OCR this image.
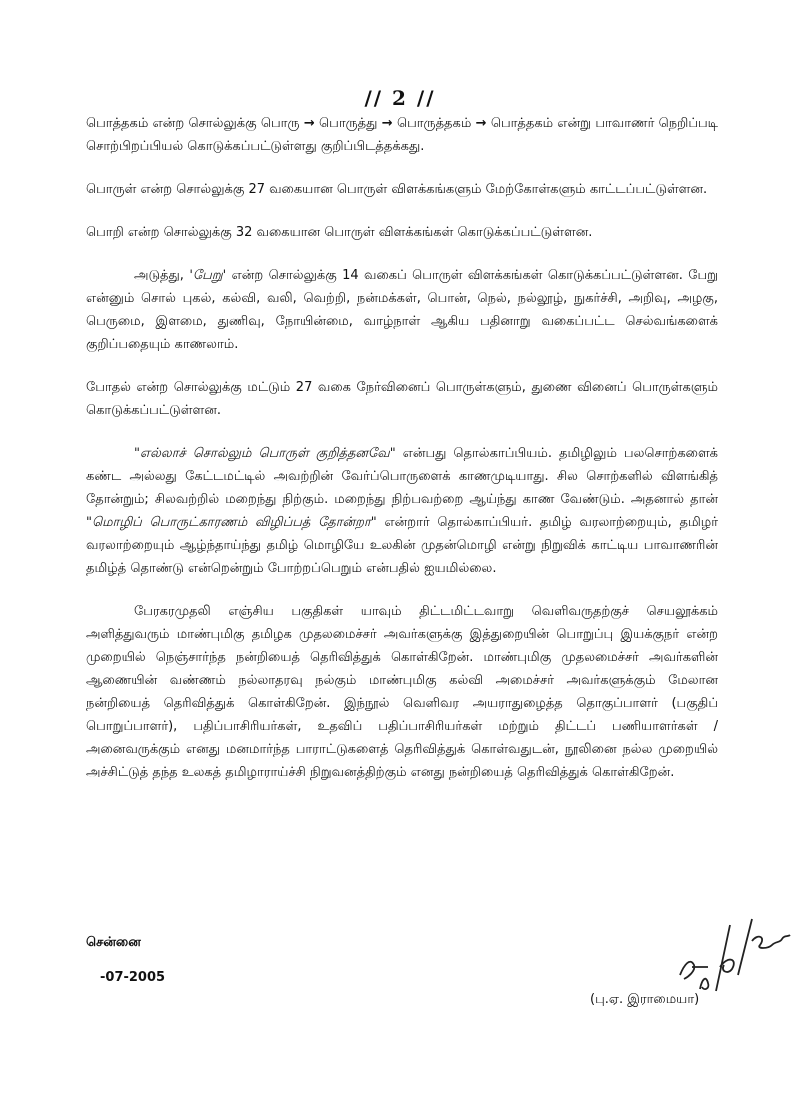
// 2 //

பொத்தகம் என்ற சொல்லுக்கு பொரு → பொருத்து → பொருத்தகம் → பொத்தகம் என்று பாவாணர் நெறிப்படி சொற்பிறப்பியல் கொடுக்கப்பட்டுள்ளது குறிப்பிடத்தக்கது.

பொருள் என்ற சொல்லுக்கு 27 வகையான பொருள் விளக்கங்களும் மேற்கோள்களும் காட்டப்பட்டுள்ளன.

பொறி என்ற சொல்லுக்கு 32 வகையான பொருள் விளக்கங்கள் கொடுக்கப்பட்டுள்ளன.

அடுத்து, 'பேறு' என்ற சொல்லுக்கு 14 வகைப் பொருள் விளக்கங்கள் கொடுக்கப்பட்டுள்ளன. பேறு என்னும் சொல் புகல், கல்வி, வலி, வெற்றி, நன்மக்கள், பொன், நெல், நல்லூழ், நுகர்ச்சி, அறிவு, அழகு, பெருமை, இளமை, துணிவு, நோயின்மை, வாழ்நாள் ஆகிய பதினாறு வகைப்பட்ட செல்வங்களைக் குறிப்பதையும் காணலாம்.

போதல் என்ற சொல்லுக்கு மட்டும் 27 வகை நேர்வினைப் பொருள்களும், துணை வினைப் பொருள்களும் கொடுக்கப்பட்டுள்ளன.

"எல்லாச் சொல்லும் பொருள் குறித்தனவே" என்பது தொல்காப்பியம். தமிழிலும் பலசொற்களைக் கண்ட அல்லது கேட்டமட்டில் அவற்றின் வேர்ப்பொருளைக் காணமுடியாது. சில சொற்களில் விளங்கித் தோன்றும்; சிலவற்றில் மறைந்து நிற்கும். மறைந்து நிற்பவற்றை ஆய்ந்து காண வேண்டும். அதனால் தான் "மொழிப் பொருட்காரணம் விழிப்பத் தோன்றா" என்றார் தொல்காப்பியர். தமிழ் வரலாற்றையும், தமிழர் வரலாற்றையும் ஆழ்ந்தாய்ந்து தமிழ் மொழியே உலகின் முதன்மொழி என்று நிறுவிக் காட்டிய பாவாணரின் தமிழ்த் தொண்டு என்றென்றும் போற்றப்பெறும் என்பதில் ஐயமில்லை.

பேரகரமுதலி எஞ்சிய பகுதிகள் யாவும் திட்டமிட்டவாறு வெளிவருதற்குச் செயலூக்கம் அளித்துவரும் மாண்புமிகு தமிழக முதலமைச்சர் அவர்களுக்கு இத்துறையின் பொறுப்பு இயக்குநர் என்ற முறையில் நெஞ்சார்ந்த நன்றியைத் தெரிவித்துக் கொள்கிறேன். மாண்புமிகு முதலமைச்சர் அவர்களின் ஆணையின் வண்ணம் நல்லாதரவு நல்கும் மாண்புமிகு கல்வி அமைச்சர் அவர்களுக்கும் மேலான நன்றியைத் தெரிவித்துக் கொள்கிறேன். இந்நூல் வெளிவர அயராதுழைத்த தொகுப்பாளர் (பகுதிப் பொறுப்பாளர்), பதிப்பாசிரியர்கள், உதவிப் பதிப்பாசிரியர்கள் மற்றும் திட்டப் பணியாளர்கள் / அனைவருக்கும் எனது மனமார்ந்த பாராட்டுகளைத் தெரிவித்துக் கொள்வதுடன், நூலினை நல்ல முறையில் அச்சிட்டுத் தந்த உலகத் தமிழாராய்ச்சி நிறுவனத்திற்கும் எனது நன்றியைத் தெரிவித்துக் கொள்கிறேன்.

சென்னை
-07-2005
(பு.ஏ. இராமையா)
